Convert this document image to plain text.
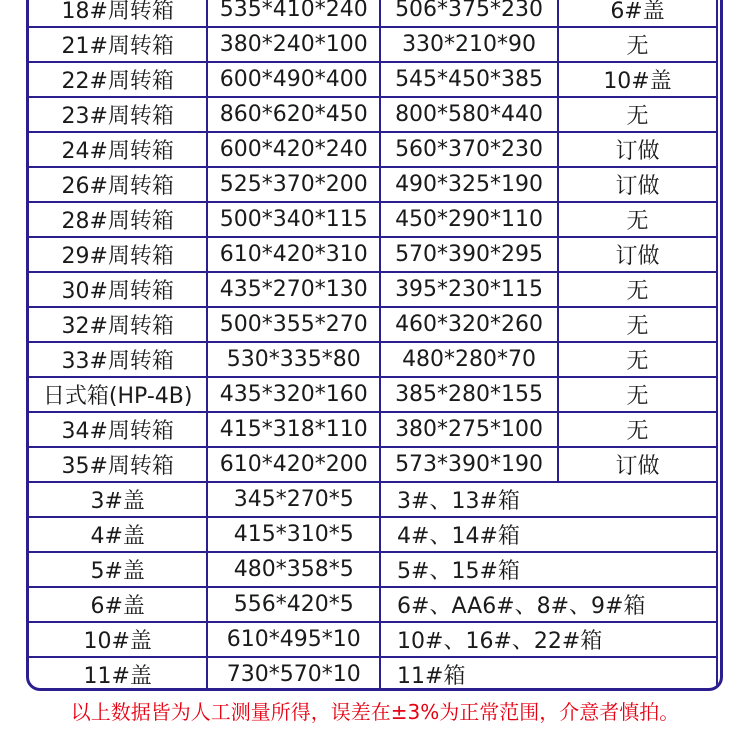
18#周转箱	535*410*240	506*375*230	6#盖
21#周转箱	380*240*100	330*210*90	无
22#周转箱	600*490*400	545*450*385	10#盖
23#周转箱	860*620*450	800*580*440	无
24#周转箱	600*420*240	560*370*230	订做
26#周转箱	525*370*200	490*325*190	订做
28#周转箱	500*340*115	450*290*110	无
29#周转箱	610*420*310	570*390*295	订做
30#周转箱	435*270*130	395*230*115	无
32#周转箱	500*355*270	460*320*260	无
33#周转箱	530*335*80	480*280*70	无
日式箱(HP-4B)	435*320*160	385*280*155	无
34#周转箱	415*318*110	380*275*100	无
35#周转箱	610*420*200	573*390*190	订做
3#盖	345*270*5	3#、13#箱	
4#盖	415*310*5	4#、14#箱	
5#盖	480*358*5	5#、15#箱	
6#盖	556*420*5	6#、AA6#、8#、9#箱	
10#盖	610*495*10	10#、16#、22#箱	
11#盖	730*570*10	11#箱	
以上数据皆为人工测量所得，误差在±3%为正常范围，介意者慎拍。
